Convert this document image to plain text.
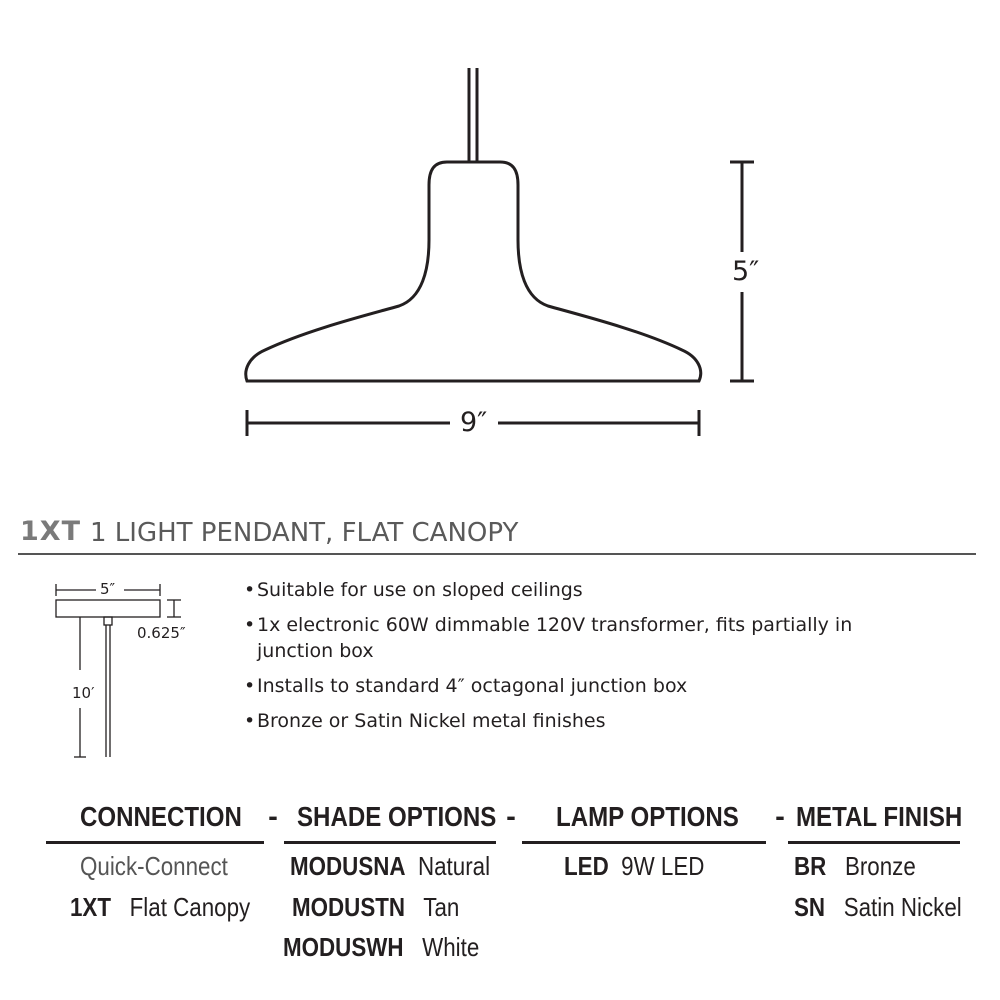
5″
9″
1XT 1 LIGHT PENDANT, FLAT CANOPY
5″
0.625″
10′
• Suitable for use on sloped ceilings
• 1x electronic 60W dimmable 120V transformer, fits partially in junction box
• Installs to standard 4″ octagonal junction box
• Bronze or Satin Nickel metal finishes
CONNECTION - SHADE OPTIONS - LAMP OPTIONS - METAL FINISH
Quick-Connect
1XT Flat Canopy
MODUSNA Natural
MODUSTN Tan
MODUSWH White
LED 9W LED	BR Bronze
SN Satin Nickel
